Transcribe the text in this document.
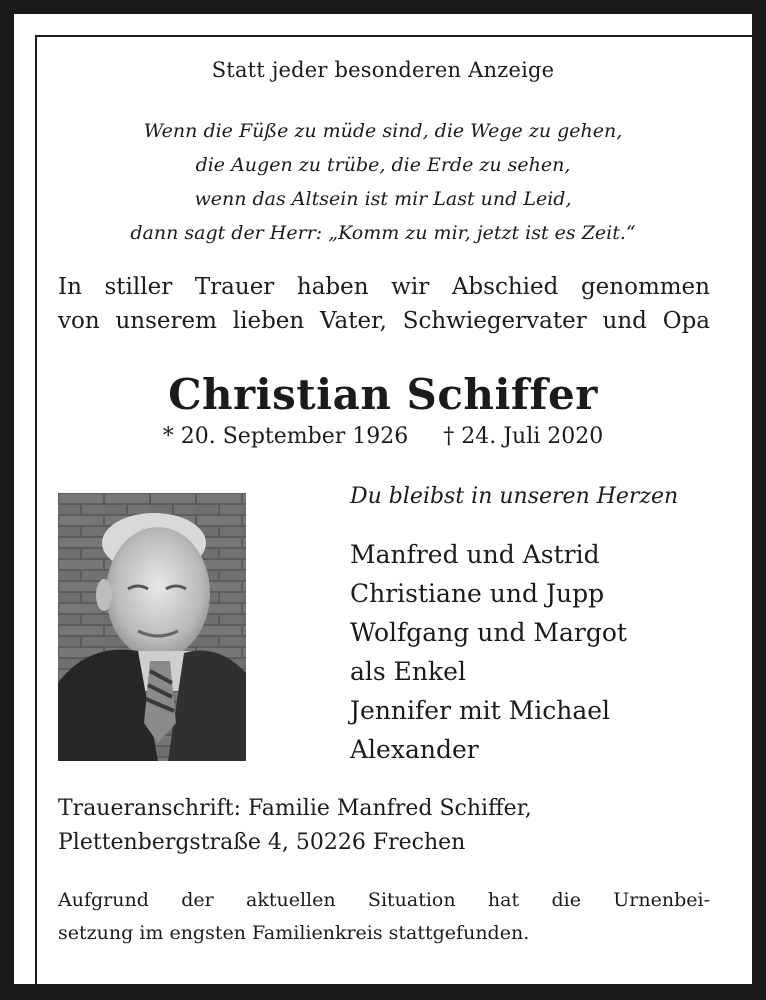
Statt jeder besonderen Anzeige
Wenn die Füße zu müde sind, die Wege zu gehen,
die Augen zu trübe, die Erde zu sehen,
wenn das Altsein ist mir Last und Leid,
dann sagt der Herr: „Komm zu mir, jetzt ist es Zeit.“
In stiller Trauer haben wir Abschied genommen
von unserem lieben Vater, Schwiegervater und Opa
Christian Schiffer
* 20. September 1926 † 24. Juli 2020
Du bleibst in unseren Herzen
Manfred und Astrid
Christiane und Jupp
Wolfgang und Margot
als Enkel
Jennifer mit Michael
Alexander
Traueranschrift: Familie Manfred Schiffer,
Plettenbergstraße 4, 50226 Frechen
Aufgrund der aktuellen Situation hat die Urnenbei-
setzung im engsten Familienkreis stattgefunden.
